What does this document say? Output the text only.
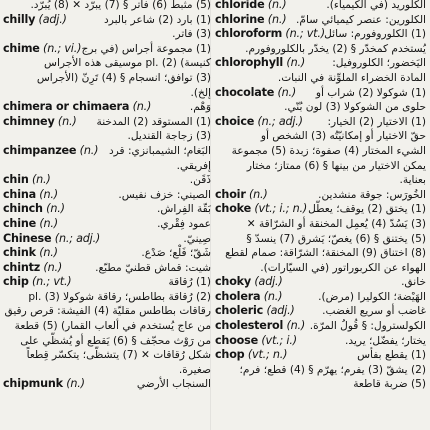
(5) مثبط (6) فاتر § (7) يبرّد ✕ (8) يُبرّد.
chilly (adj.)	(1) بارد (2) شاعر بالبرد
(3) فاتر.
chime (n.; vi.) (1) مجموعة أجراس (في برج
كنيسة) (2) .pl موسيقى هذه الأجراس
(3) توافق؛ انسجام § (4) تَرِنّ (الأجراس
إلخ).
chimera or chimaera (n.)	وَهْم.
chimney (n.) (1) المستوقد (2) المدخنة
(3) زجاجة القنديل.
chimpanzee (n.) البَغام؛ الشيمبانزي: قرد
إفريقي.
chin (n.)	ذَقَن.
china (n.)	الصيني: خزف نفيس.
chinch (n.)	بَقّة الفِراش.
chine (n.)	عمود فِقْري.
Chinese (n.; adj.)	صِينيّ.
chink (n.)	شَقّ؛ فَلْع؛ صَدْع.
chintz (n.)	شيت: قماش قطنيّ مطبّع.
chip (n.; vt.)	(1) رُقاقة
(2) رُقاقة بطاطس؛ رقاقة شوكولا (3) .pl
رقاقات بطاطس مقليّة (4) الفيشة: قرص رقيق
من عاج يُستخدم في ألعاب القمار) (5) قطعة
من رَوْث محجّف § (6) يَقطع أو يُشظّي على
شكل رُقاقات ✕ (7) يتشظّى؛ يتكسّر قِطعاً
صغيرة.
chipmunk (n.)	السنجاب الأرضي
chloride (n.)	الكلوريد (في الكيمياء).
chlorine (n.) الكلورين: عنصر كيميائي سامّ.
chloroform (n.; vt.) (1) الكلوروفورم: سائل
يُستخدم كمخدّر § (2) يخدّر بالكلوروفورم.
chlorophyll (n.)	اليَخضور؛ الكلوروفيل:
المادة الخضراء الملوِّنة في النبات.
chocolate (n.) (1) شوكولا (2) شراب أو
حلوى من الشوكولا (3) لون بُنّي.
choice (n.; adj.) (1) الاختيار (2) الخيار:
حقّ الاختيار أو إمكانيّتُه (3) الشخص أو
الشيء المختار (4) صفوة؛ زبدة (5) مجموعة
يمكن الاختيار من بينها § (6) ممتاز؛ مختار
بعناية.
choir (n.)	الخُورَس: جوقة منشدين.
choke (vt.; i.; n.) (1) يختق (2) يوقف؛ يعطّل
(3) يَسُدّ (4) يُعمِل المخنقة أو الشرّاقة ✕
(5) يختنق § (6) يغصّ؛ يَشرق (7) ينسدّ §
(8) اختناق (9) المخنقة؛ الشرّاقة: صمام لقطع
الهواء عن الكربوراتور (في السيّارات).
choky (adj.)	خانق.
cholera (n.)	الهَيْضة؛ الكوليرا (مرض).
choleric (adj.)	غاضب أو سريع الغضب.
cholesterol (n.) الكولسترول: § قُولُ المرّة.
choose (vt.; i.)	يختار؛ يفضّل؛ يريد.
chop (vt.; n.)	(1) يقطع بفأس
(2) يشقّ (3) يفرم؛ يهرّم § (4) قطع؛ فرم؛
(5) ضربة قاطعة
